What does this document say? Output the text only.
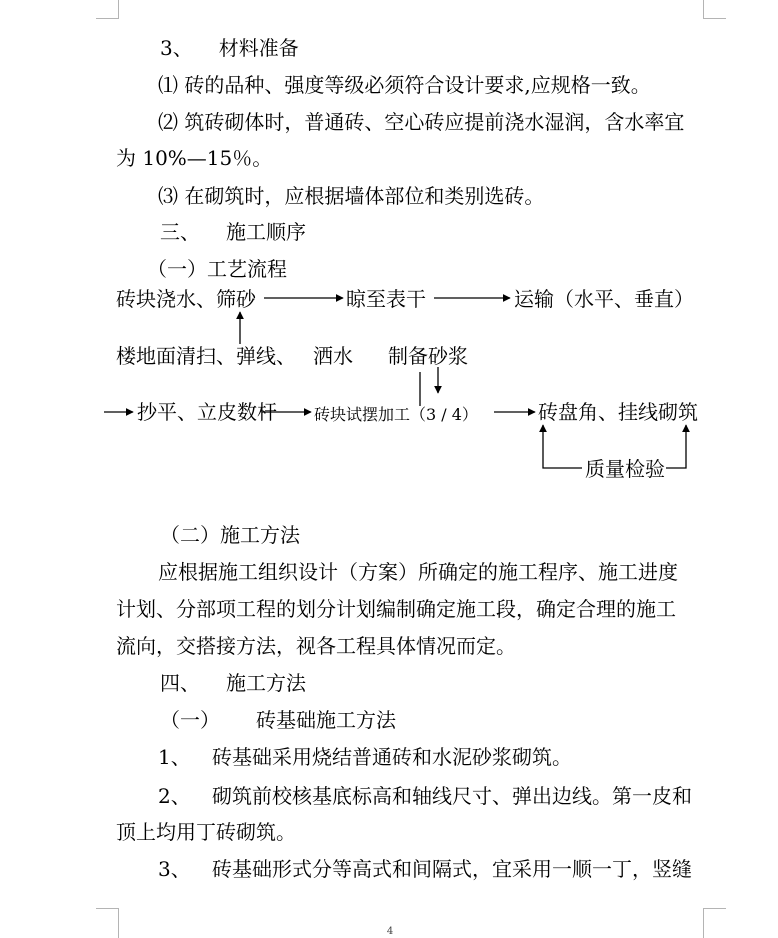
3、 材料准备
⑴ 砖的品种、强度等级必须符合设计要求,应规格一致。
⑵ 筑砖砌体时，普通砖、空心砖应提前浇水湿润，含水率宜
为 10%—15％。
⑶ 在砌筑时，应根据墙体部位和类别选砖。
三、 施工顺序
（一）工艺流程
砖块浇水、筛砂	晾至表干	运输（水平、垂直）
楼地面清扫、弹线、 洒水 制备砂浆
抄平、立皮数杆 砖块试摆加工（3 / 4）	砖盘角、挂线砌筑
质量检验
（二）施工方法
应根据施工组织设计（方案）所确定的施工程序、施工进度
计划、分部项工程的划分计划编制确定施工段，确定合理的施工
流向，交搭接方法，视各工程具体情况而定。
四、 施工方法
（一） 砖基础施工方法
1、 砖基础采用烧结普通砖和水泥砂浆砌筑。
2、 砌筑前校核基底标高和轴线尺寸、弹出边线。第一皮和
顶上均用丁砖砌筑。
3、 砖基础形式分等高式和间隔式，宜采用一顺一丁，竖缝
4
